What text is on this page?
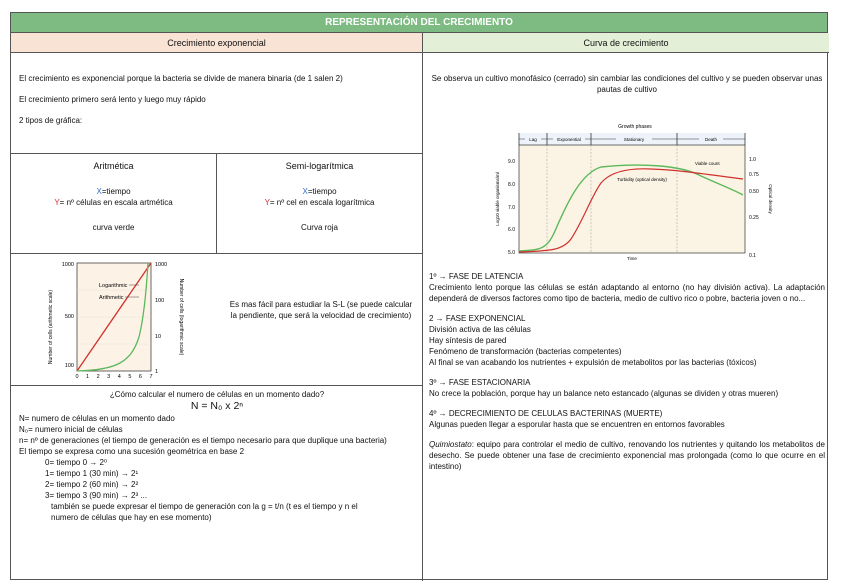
REPRESENTACIÓN DEL CRECIMIENTO
Crecimiento exponencial	Curva de crecimiento

El crecimiento es exponencial porque la bacteria se divide de manera binaria (de 1 salen 2)

El crecimiento primero será lento y luego muy rápido

2 tipos de gráfica:

Aritmética
X=tiempo
Y= nº células en escala artmética
curva verde
Semi-logarítmica
X=tiempo
Y= nº cel en escala logarítmica
Curva roja
Number of cells (arithmetic scale)	Number of cells (logarithmic scale)
1000
500
100
1000
100
10
1
0 1 2 3 4 5 6 7
Logarithmic
Arithmetic
Es mas fácil para estudiar la S-L (se puede calcular la pendiente, que será la velocidad de crecimiento)
¿Cómo calcular el numero de células en un momento dado?
N = N₀ x 2ⁿ
N= numero de células en un momento dado
N₀= numero inicial de células
n= nº de generaciones (el tiempo de generación es el tiempo necesario para que duplique una bacteria)
El tiempo se expresa como una sucesión geométrica en base 2
0= tiempo 0 → 2⁰
1= tiempo 1 (30 min) → 2¹
2= tiempo 2 (60 min) → 2²
3= tiempo 3 (90 min) → 2³ ...
también se puede expresar el tiempo de generación con la g = t/n (t es el tiempo y n el numero de células que hay en ese momento)
Se observa un cultivo monofásico (cerrado) sin cambiar las condiciones del cultivo y se pueden observar unas pautas de cultivo
Growth phases
Lag	Exponential	Stationary	Death
9.0
8.0
7.0
6.0
5.0
1.0
0.75
0.50
0.25
0.1
Log10 viable organisms/ml	Optical density
Time
Turbidity (optical density)
Viable count

1º → FASE DE LATENCIA

Crecimiento lento porque las células se están adaptando al entorno (no hay división activa). La adaptación dependerá de diversos factores como tipo de bacteria, medio de cultivo rico o pobre, bacteria joven o no...

2 → FASE EXPONENCIAL

División activa de las células

Hay síntesis de pared

Fenómeno de transformación (bacterias competentes)

Al final se van acabando los nutrientes + expulsión de metabolitos por las bacterias (tóxicos)

3º → FASE ESTACIONARIA

No crece la población, porque hay un balance neto estancado (algunas se dividen y otras mueren)

4º → DECRECIMIENTO DE CELULAS BACTERINAS (MUERTE)

Algunas pueden llegar a esporular hasta que se encuentren en entornos favorables

Quimiostato: equipo para controlar el medio de cultivo, renovando los nutrientes y quitando los metabolitos de desecho. Se puede obtener una fase de crecimiento exponencial mas prolongada (como lo que ocurre en el intestino)
